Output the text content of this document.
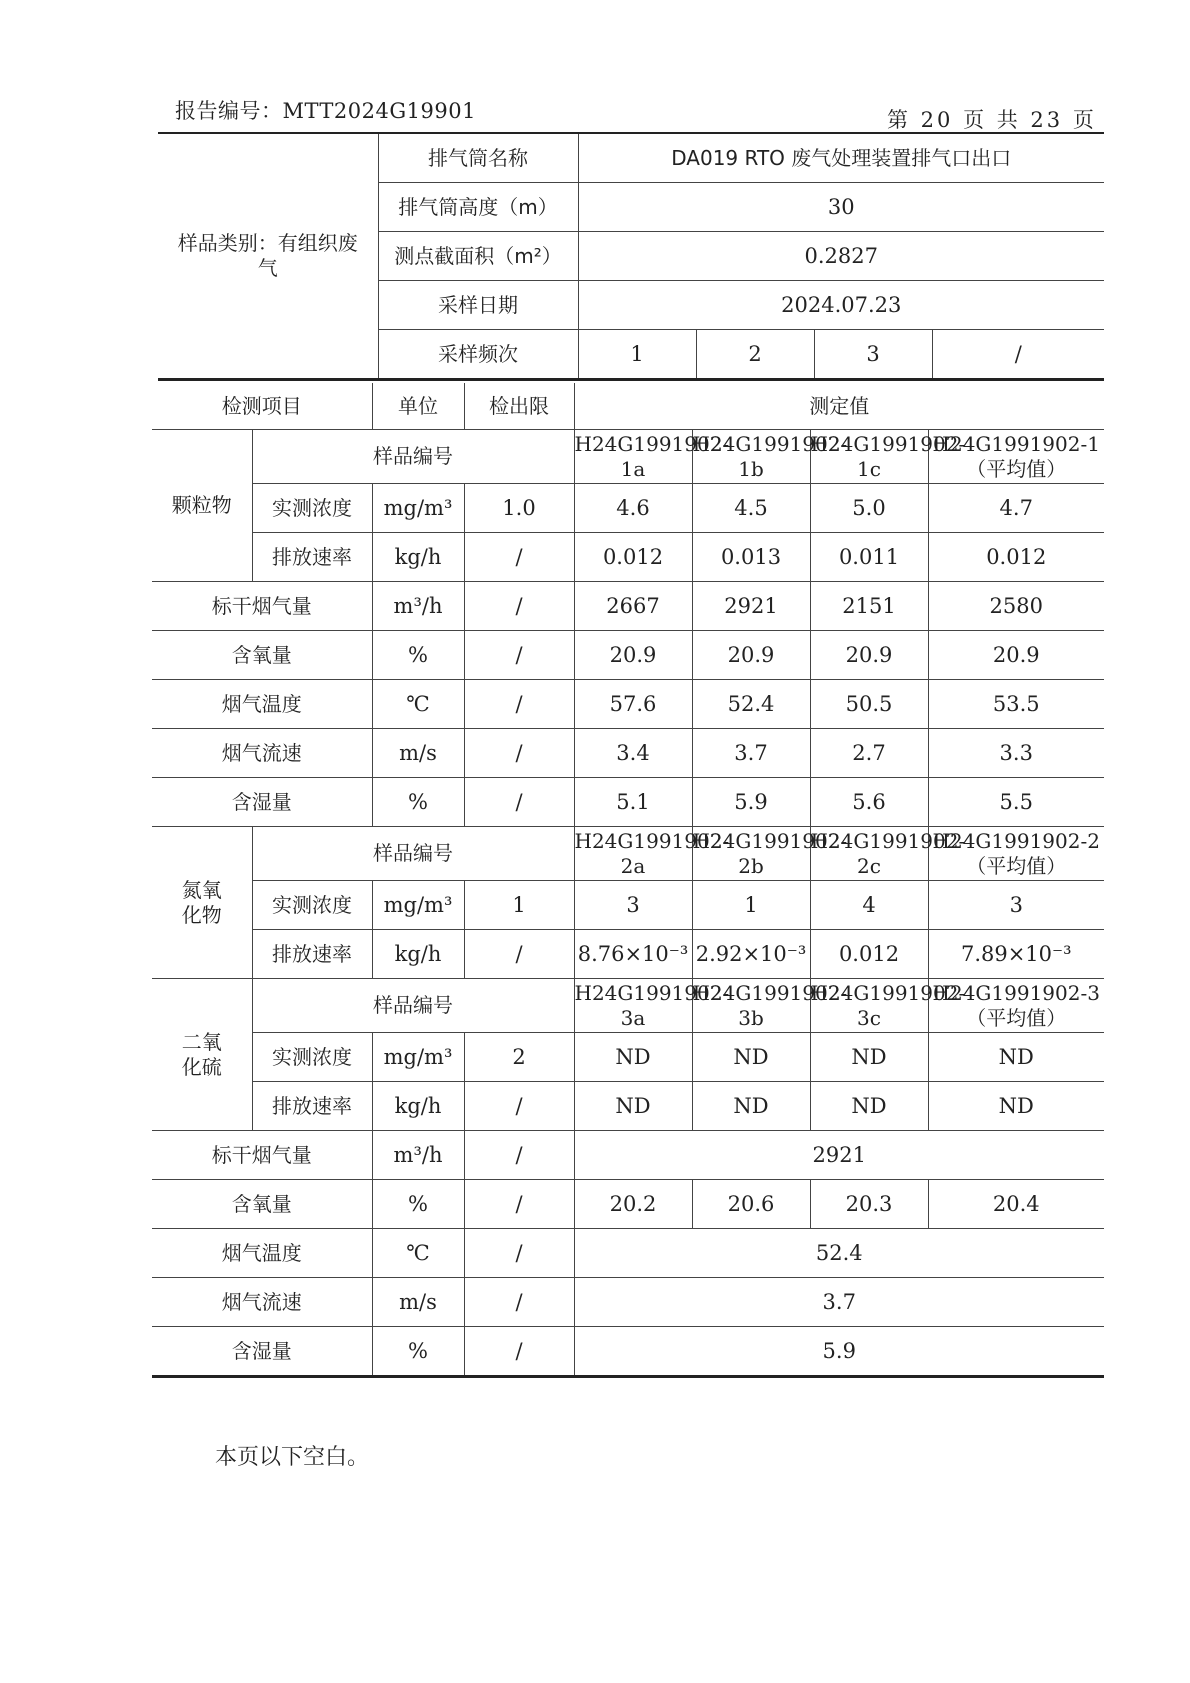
报告编号：MTT2024G19901	第 20 页 共 23 页
样品类别：有组织废气	排气筒名称	DA019 RTO 废气处理装置排气口出口			
	排气筒高度（m）	30			
	测点截面积（m²）	0.2827			
	采样日期	2024.07.23			
	采样频次	1	2	3	/
检测项目		单位	检出限	测定值			
颗粒物	样品编号			H24G1991902-1a	H24G1991902-1b	H24G1991902-1c	H24G1991902-1（平均值）
	实测浓度	mg/m³	1.0	4.6	4.5	5.0	4.7
	排放速率	kg/h	/	0.012	0.013	0.011	0.012
标干烟气量		m³/h	/	2667	2921	2151	2580
含氧量		%	/	20.9	20.9	20.9	20.9
烟气温度		℃	/	57.6	52.4	50.5	53.5
烟气流速		m/s	/	3.4	3.7	2.7	3.3
含湿量		%	/	5.1	5.9	5.6	5.5
氮氧化物	样品编号			H24G1991902-2a	H24G1991902-2b	H24G1991902-2c	H24G1991902-2（平均值）
	实测浓度	mg/m³	1	3	1	4	3
	排放速率	kg/h	/	8.76×10⁻³	2.92×10⁻³	0.012	7.89×10⁻³
二氧化硫	样品编号			H24G1991902-3a	H24G1991902-3b	H24G1991902-3c	H24G1991902-3（平均值）
	实测浓度	mg/m³	2	ND	ND	ND	ND
	排放速率	kg/h	/	ND	ND	ND	ND
标干烟气量		m³/h	/	2921			
含氧量		%	/	20.2	20.6	20.3	20.4
烟气温度		℃	/	52.4			
烟气流速		m/s	/	3.7			
含湿量		%	/	5.9			
本页以下空白。
